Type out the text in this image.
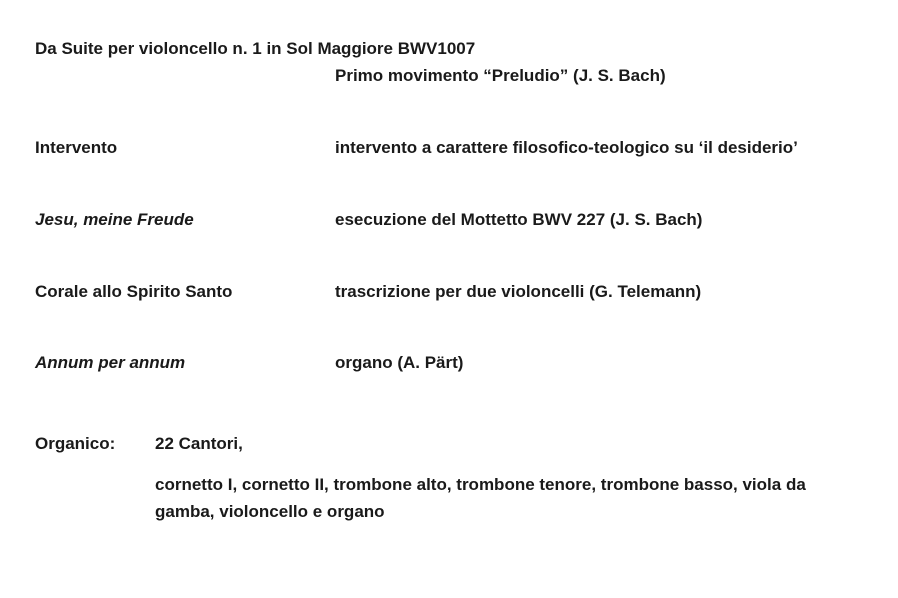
Da Suite per violoncello n. 1 in Sol Maggiore BWV1007
Primo movimento “Preludio” (J. S. Bach)
Intervento	intervento a carattere filosofico-teologico su ‘il desiderio’
Jesu, meine Freude	esecuzione del Mottetto BWV 227 (J. S. Bach)
Corale allo Spirito Santo	trascrizione per due violoncelli (G. Telemann)
Annum per annum	organo (A. Pärt)
Organico: 22 Cantori,
cornetto I, cornetto II, trombone alto, trombone tenore, trombone basso, viola da gamba, violoncello e organo
